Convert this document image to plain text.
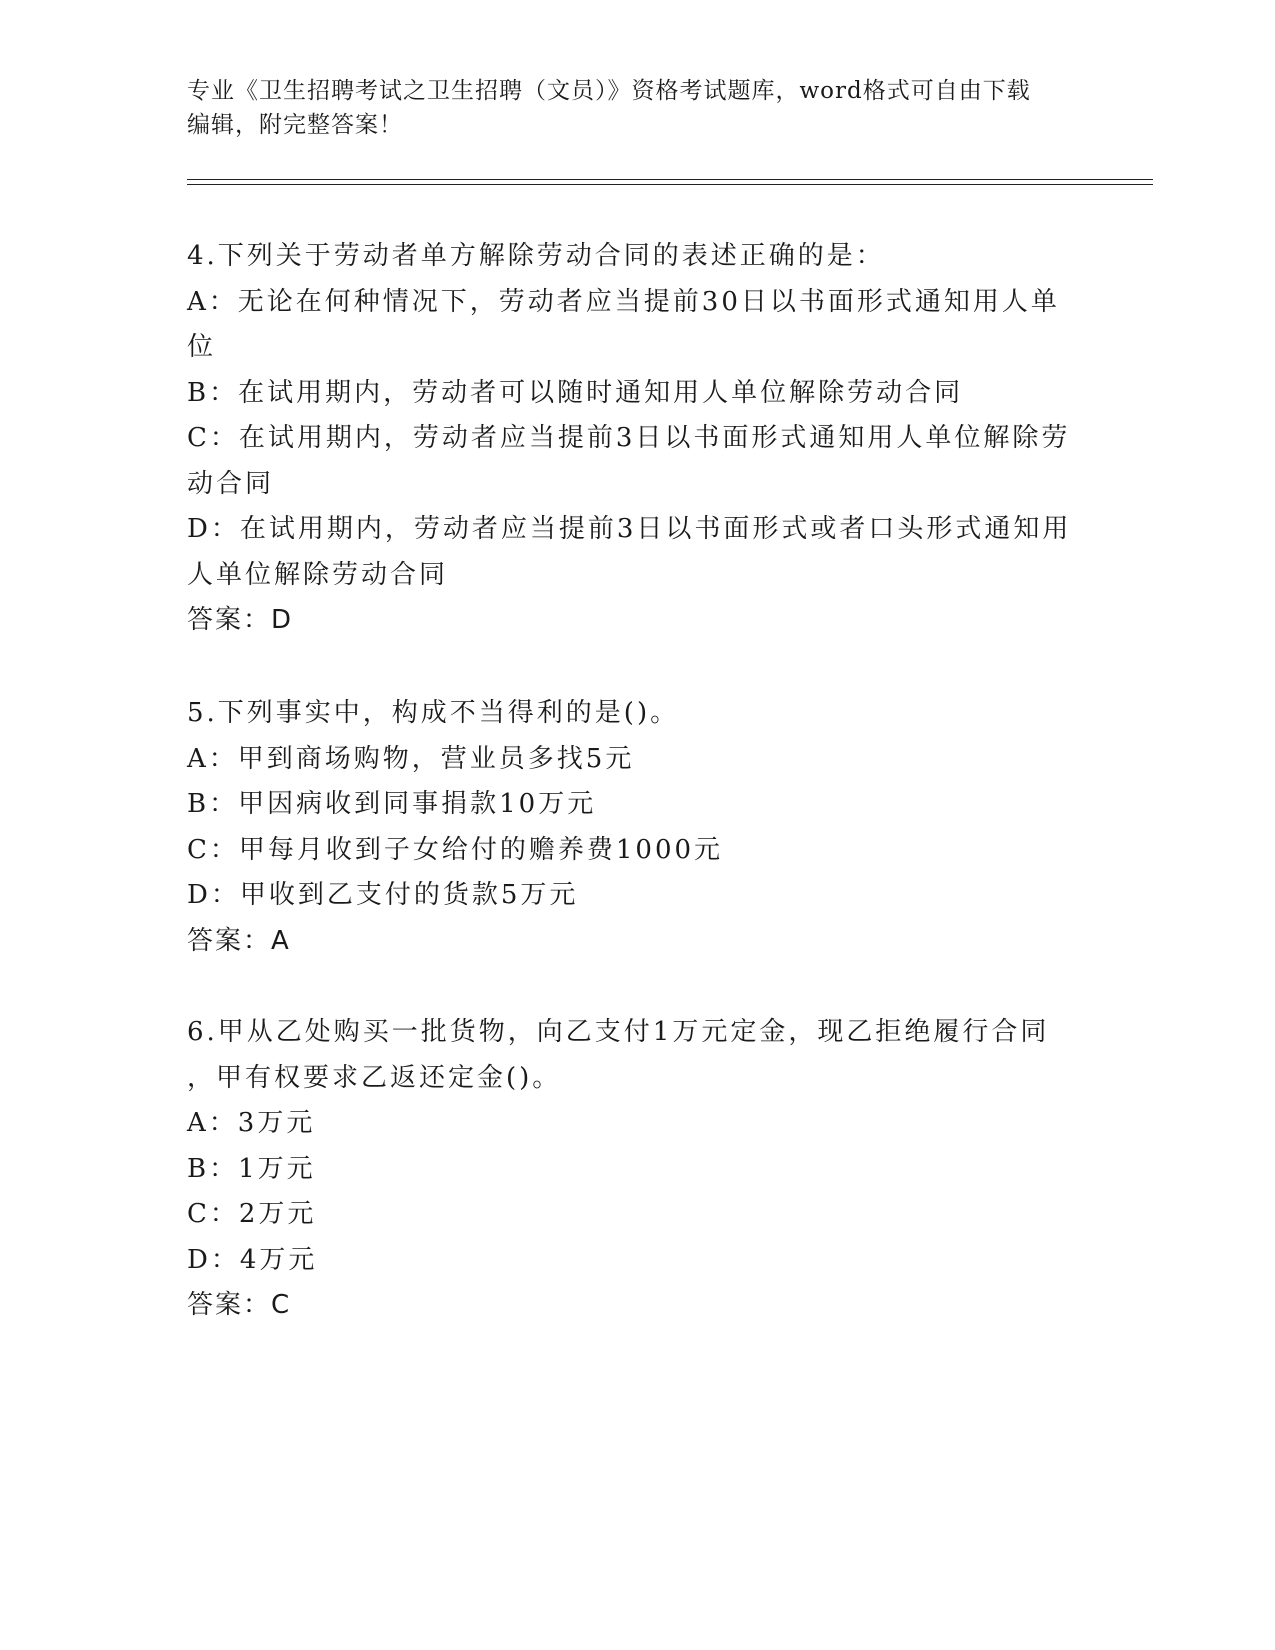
专业《卫生招聘考试之卫生招聘（文员）》资格考试题库，word格式可自由下载
编辑，附完整答案！
4.下列关于劳动者单方解除劳动合同的表述正确的是：
A：无论在何种情况下，劳动者应当提前30日以书面形式通知用人单
位
B：在试用期内，劳动者可以随时通知用人单位解除劳动合同
C：在试用期内，劳动者应当提前3日以书面形式通知用人单位解除劳
动合同
D：在试用期内，劳动者应当提前3日以书面形式或者口头形式通知用
人单位解除劳动合同
答案：D
5.下列事实中，构成不当得利的是()。
A：甲到商场购物，营业员多找5元
B：甲因病收到同事捐款10万元
C：甲每月收到子女给付的赡养费1000元
D：甲收到乙支付的货款5万元
答案：A
6.甲从乙处购买一批货物，向乙支付1万元定金，现乙拒绝履行合同
，甲有权要求乙返还定金()。
A：3万元
B：1万元
C：2万元
D：4万元
答案：C
